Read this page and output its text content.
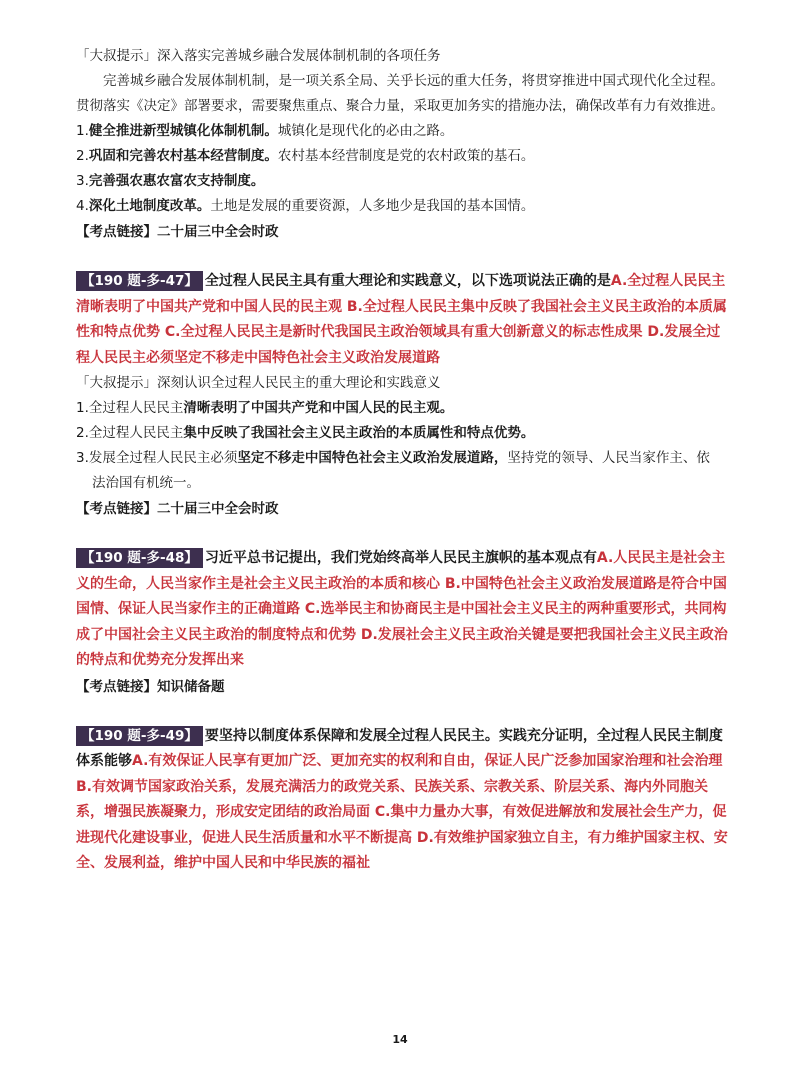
「大叔提示」深入落实完善城乡融合发展体制机制的各项任务

完善城乡融合发展体制机制，是一项关系全局、关乎长远的重大任务，将贯穿推进中国式现代化全过程。贯彻落实《决定》部署要求，需要聚焦重点、聚合力量，采取更加务实的措施办法，确保改革有力有效推进。

1.健全推进新型城镇化体制机制。城镇化是现代化的必由之路。

2.巩固和完善农村基本经营制度。农村基本经营制度是党的农村政策的基石。

3.完善强农惠农富农支持制度。

4.深化土地制度改革。土地是发展的重要资源，人多地少是我国的基本国情。

【考点链接】二十届三中全会时政

【190 题-多-47】 全过程人民民主具有重大理论和实践意义，以下选项说法正确的是A.全过程人民民主清晰表明了中国共产党和中国人民的民主观 B.全过程人民民主集中反映了我国社会主义民主政治的本质属性和特点优势 C.全过程人民民主是新时代我国民主政治领域具有重大创新意义的标志性成果 D.发展全过程人民民主必须坚定不移走中国特色社会主义政治发展道路

「大叔提示」深刻认识全过程人民民主的重大理论和实践意义

1.全过程人民民主清晰表明了中国共产党和中国人民的民主观。

2.全过程人民民主集中反映了我国社会主义民主政治的本质属性和特点优势。

3.发展全过程人民民主必须坚定不移走中国特色社会主义政治发展道路，坚持党的领导、人民当家作主、依

法治国有机统一。

【考点链接】二十届三中全会时政

【190 题-多-48】 习近平总书记提出，我们党始终高举人民民主旗帜的基本观点有A.人民民主是社会主义的生命，人民当家作主是社会主义民主政治的本质和核心 B.中国特色社会主义政治发展道路是符合中国国情、保证人民当家作主的正确道路 C.选举民主和协商民主是中国社会主义民主的两种重要形式，共同构成了中国社会主义民主政治的制度特点和优势 D.发展社会主义民主政治关键是要把我国社会主义民主政治的特点和优势充分发挥出来

【考点链接】知识储备题

【190 题-多-49】 要坚持以制度体系保障和发展全过程人民民主。实践充分证明，全过程人民民主制度体系能够A.有效保证人民享有更加广泛、更加充实的权利和自由，保证人民广泛参加国家治理和社会治理 B.有效调节国家政治关系，发展充满活力的政党关系、民族关系、宗教关系、阶层关系、海内外同胞关系，增强民族凝聚力，形成安定团结的政治局面 C.集中力量办大事，有效促进解放和发展社会生产力，促进现代化建设事业，促进人民生活质量和水平不断提高 D.有效维护国家独立自主，有力维护国家主权、安全、发展利益，维护中国人民和中华民族的福祉
14
